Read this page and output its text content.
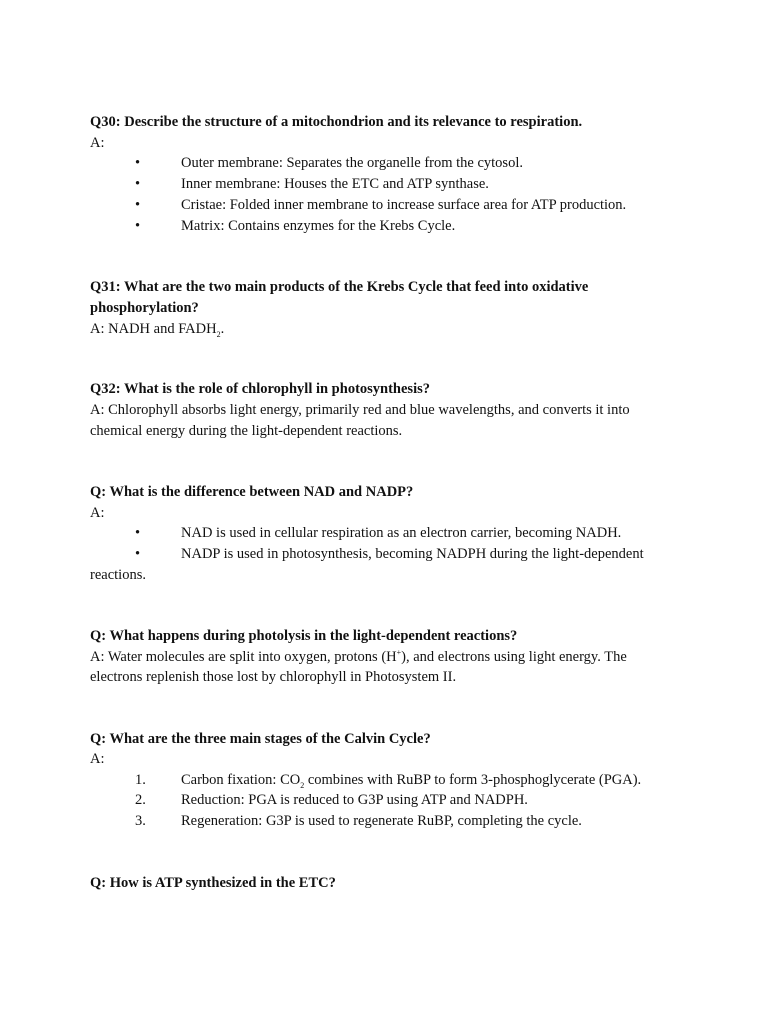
Q30: Describe the structure of a mitochondrion and its relevance to respiration.
A:
•	Outer membrane: Separates the organelle from the cytosol.
•	Inner membrane: Houses the ETC and ATP synthase.
•	Cristae: Folded inner membrane to increase surface area for ATP production.
•	Matrix: Contains enzymes for the Krebs Cycle.
Q31: What are the two main products of the Krebs Cycle that feed into oxidative
phosphorylation?
A: NADH and $FADH_2$.
Q32: What is the role of chlorophyll in photosynthesis?
A: Chlorophyll absorbs light energy, primarily red and blue wavelengths, and converts it into
chemical energy during the light-dependent reactions.
Q: What is the difference between NAD and NADP?
A:
•	NAD is used in cellular respiration as an electron carrier, becoming NADH.
•	NADP is used in photosynthesis, becoming NADPH during the light-dependent
reactions.
Q: What happens during photolysis in the light-dependent reactions?
A: Water molecules are split into oxygen, protons (H+), and electrons using light energy. The
electrons replenish those lost by chlorophyll in Photosystem II.
Q: What are the three main stages of the Calvin Cycle?
A:
1. Carbon fixation: $CO_2$ combines with RuBP to form 3-phosphoglycerate (PGA).
2. Reduction: PGA is reduced to G3P using ATP and NADPH.
3. Regeneration: G3P is used to regenerate RuBP, completing the cycle.
Q: How is ATP synthesized in the ETC?
